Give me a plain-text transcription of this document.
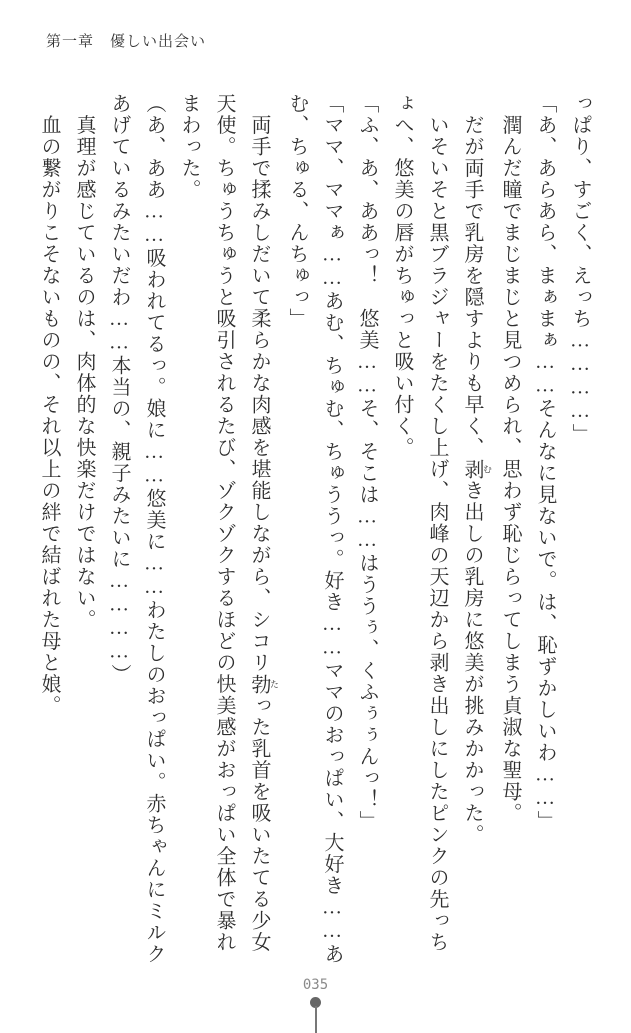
第一章　優しい出会い
っぱり、すごく、えっち…………」
「あ、あらあら、まぁまぁ……そんなに見ないで。は、恥ずかしいわ……」
　潤んだ瞳でまじまじと見つめられ、思わず恥じらってしまう貞淑な聖母。
　だが両手で乳房を隠すよりも早く、剥 むき出しの乳房に悠美が挑みかかった。
　いそいそと黒ブラジャーをたくし上げ、肉峰の天辺から剥き出しにしたピンクの先っち
ょへ、悠美の唇がちゅっと吸い付く。
「ふ、あ、ああっ！　悠美……そ、そこは……はううぅ、くふぅぅんっ！」
「ママ、ママぁ……あむ、ちゅむ、ちゅううっ。好き……ママのおっぱい、大好き……あ
む、ちゅる、んちゅっ」
　両手で揉みしだいて柔らかな肉感を堪能しながら、シコリ勃 たった乳首を吸いたてる少女
天使。ちゅうちゅうと吸引されるたび、ゾクゾクするほどの快美感がおっぱい全体で暴れ
まわった。
（あ、ああ……吸われてるっ。娘に……悠美に……わたしのおっぱい。赤ちゃんにミルク
あげているみたいだわ……本当の、親子みたいに…………）
　真理が感じているのは、肉体的な快楽だけではない。
　血の繋がりこそないものの、それ以上の絆で結ばれた母と娘。
035
